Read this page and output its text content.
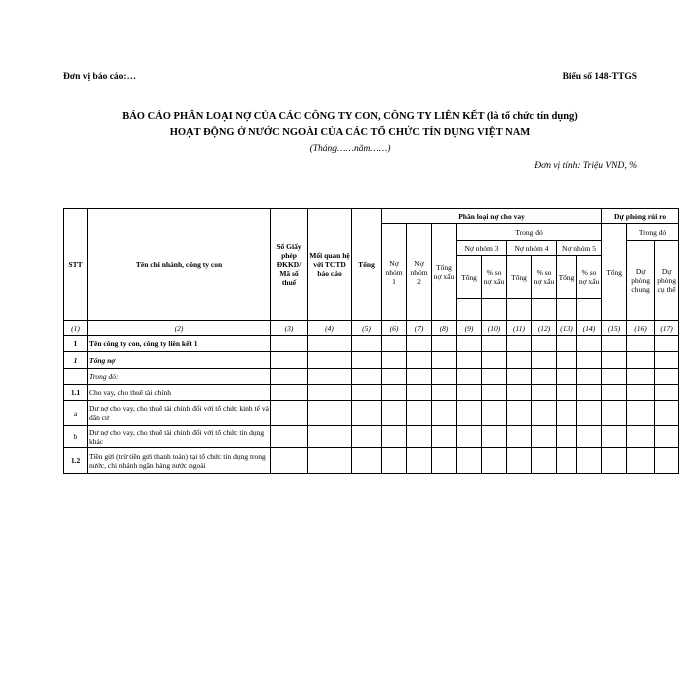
Đơn vị báo cáo:…	Biểu số 148-TTGS
BÁO CÁO PHÂN LOẠI NỢ CỦA CÁC CÔNG TY CON, CÔNG TY LIÊN KẾT (là tổ chức tín dụng)
HOẠT ĐỘNG Ở NƯỚC NGOÀI CỦA CÁC TỔ CHỨC TÍN DỤNG VIỆT NAM
(Tháng……năm……)
Đơn vị tính: Triệu VND, %
STT	Tên chi nhánh, công ty con	Số Giấy phép ĐKKD/ Mã số thuế	Mối quan hệ với TCTD báo cáo	Tổng	Phân loại nợ cho vay									Dự phòng rủi ro		
					Nợ nhóm 1	Nợ nhóm 2	Tổng nợ xấu	Trong đó						Tổng	Trong đó	
								Nợ nhóm 3		Nợ nhóm 4		Nợ nhóm 5			Dự phòng chung	Dự phòng cụ thể
								Tổng	% so nợ xấu	Tổng	% so nợ xấu	Tổng	% so nợ xấu			

(1)	(2)	(3)	(4)	(5)	(6)	(7)	(8)	(9)	(10)	(11)	(12)	(13)	(14)	(15)	(16)	(17)
I	Tên công ty con, công ty liên kết 1															
1	Tổng nợ															
	Trong đó:															
1.1	Cho vay, cho thuê tài chính															
a	Dư nợ cho vay, cho thuê tài chính đối với tổ chức kinh tế và dân cư															
b	Dư nợ cho vay, cho thuê tài chính đối với tổ chức tín dụng khác															
1.2	Tiền gửi (trừ tiền gửi thanh toán) tại tổ chức tín dụng trong nước, chi nhánh ngân hàng nước ngoài															
